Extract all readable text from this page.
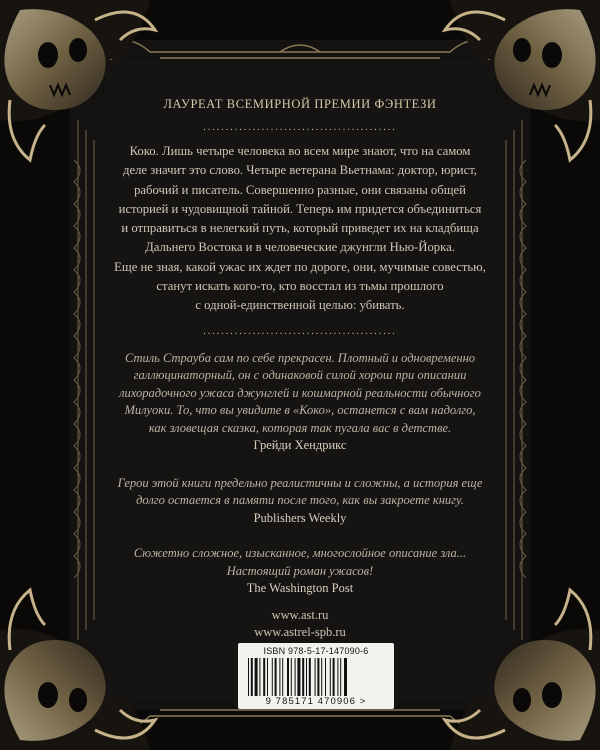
ЛАУРЕАТ ВСЕМИРНОЙ ПРЕМИИ ФЭНТЕЗИ
...........................................

Коко. Лишь четыре человека во всем мире знают, что на самом

деле значит это слово. Четыре ветерана Вьетнама: доктор, юрист,

рабочий и писатель. Совершенно разные, они связаны общей

историей и чудовищной тайной. Теперь им придется объединиться

и отправиться в нелегкий путь, который приведет их на кладбища

Дальнего Востока и в человеческие джунгли Нью-Йорка.

Еще не зная, какой ужас их ждет по дороге, они, мучимые совестью,

станут искать кого-то, кто восстал из тьмы прошлого

с одной-единственной целью: убивать.

...........................................

Стиль Страуба сам по себе прекрасен. Плотный и одновременно

галлюцинаторный, он с одинаковой силой хорош при описании

лихорадочного ужаса джунглей и кошмарной реальности обычного

Милуоки. То, что вы увидите в «Коко», останется с вам надолго,

как зловещая сказка, которая так пугала вас в детстве.

Грейди Хендрикс

Герои этой книги предельно реалистичны и сложны, а история еще

долго остается в памяти после того, как вы закроете книгу.

Publishers Weekly

Сюжетно сложное, изысканное, многослойное описание зла...

Настоящий роман ужасов!

The Washington Post

www.ast.ru
www.astrel-spb.ru
ISBN 978-5-17-147090-6
9 785171 470906 >
